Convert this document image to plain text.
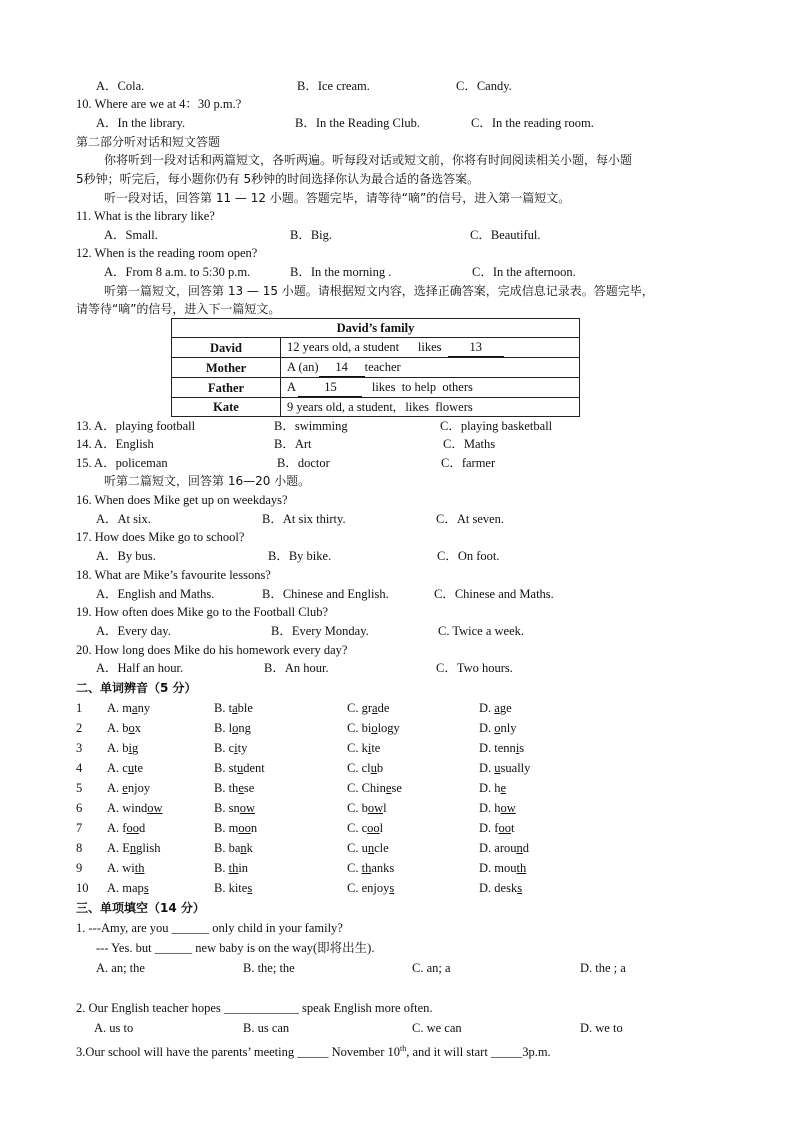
A．Cola.	B．Ice cream.	C．Candy.
10. Where are we at 4：30 p.m.?
A．In the library.	B．In the Reading Club.	C．In the reading room.
第二部分听对话和短文答题
你将听到一段对话和两篇短文，各听两遍。听每段对话或短文前，你将有时间阅读相关小题，每小题
5秒钟；听完后，每小题你仍有 5秒钟的时间选择你认为最合适的备选答案。
听一段对话，回答第 11 — 12 小题。答题完毕，请等待“嘀”的信号，进入第一篇短文。
11. What is the library like?
A．Small.	B．Big.	C．Beautiful.
12. When is the reading room open?
A．From 8 a.m. to 5:30 p.m.	B．In the morning .	C．In the afternoon.
听第一篇短文，回答第 13 — 15 小题。请根据短文内容，选择正确答案，完成信息记录表。答题完毕，
请等待“嘀”的信号，进入下一篇短文。
David’s family	
David	12 years old, a student      likes  13
Mother	A (an) 14 teacher
Father	A 15   likes  to help  others
Kate	9 years old, a student,   likes  flowers
13. A．playing football	B．swimming	C．playing basketball
14. A．English	B．Art	C．Maths
15. A．policeman	B．doctor	C．farmer
听第二篇短文，回答第 16—20 小题。
16. When does Mike get up on weekdays?
A．At six.	B．At six thirty.	C．At seven.
17. How does Mike go to school?
A．By bus.	B．By bike.	C．On foot.
18. What are Mike’s favourite lessons?
A．English and Maths.	B．Chinese and English.	C．Chinese and Maths.
19. How often does Mike go to the Football Club?
A．Every day.	B．Every Monday.	C. Twice a week.
20. How long does Mike do his homework every day?
A．Half an hour.	B．An hour.	C．Two hours.
二、单词辨音（5 分）
1 A. many	B. table	C. grade	D. age
2 A. box	B. long	C. biology	D. only
3 A. big	B. city	C. kite	D. tennis
4 A. cute	B. student	C. club	D. usually
5 A. enjoy	B. these	C. Chinese	D. he
6 A. window	B. snow	C. bowl	D. how
7 A. food	B. moon	C. cool	D. foot
8 A. English	B. bank	C. uncle	D. around
9 A. with	B. thin	C. thanks	D. mouth
10 A. maps	B. kites	C. enjoys	D. desks
三、单项填空（14 分）
1. ---Amy, are you ______ only child in your family?
--- Yes. but ______ new baby is on the way(即将出生).
A. an; the	B. the; the	C. an; a	D. the ; a
2. Our English teacher hopes ____________ speak English more often.
A. us to	B. us can	C. we can	D. we to
3.Our school will have the parents’ meeting _____ November 10th, and it will start _____3p.m.
